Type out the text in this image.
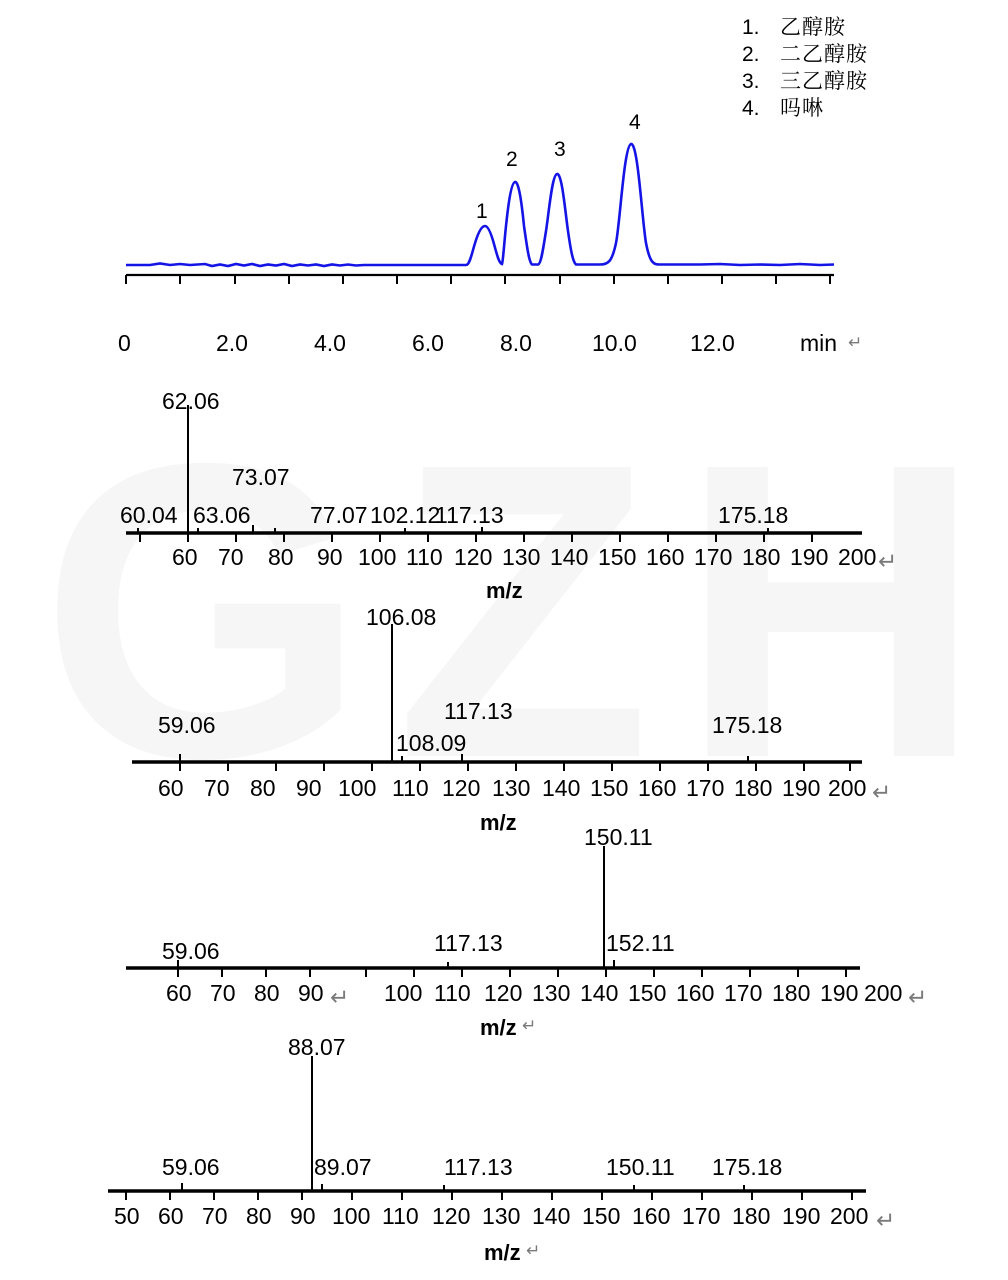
1. 乙醇胺
2. 二乙醇胺
3. 三乙醇胺
4. 吗啉
1
2 3
4
0	2.0	4.0	6.0 8.0	10.0 12.0	min ↵
60.04
62.06
63.06
73.07
77.07 102.12
117.13	175.18
60 70 80 90 100 110 120 130 140 150 160 170 180 190 200 ↵
m/z
59.06
106.08
108.09
117.13
175.18
60 70 80 90 100 110 120 130 140 150 160 170 180 190 200 ↵
m/z
59.06	117.13
150.11
152.11
60 70 80 90 ↵ 100 110 120 130 140 150 160 170 180 190 200 ↵
m/z ↵
59.06
88.07
89.07	117.13	150.11 175.18
50 60 70 80 90 100 110 120 130 140 150 160 170 180 190 200 ↵
m/z ↵
